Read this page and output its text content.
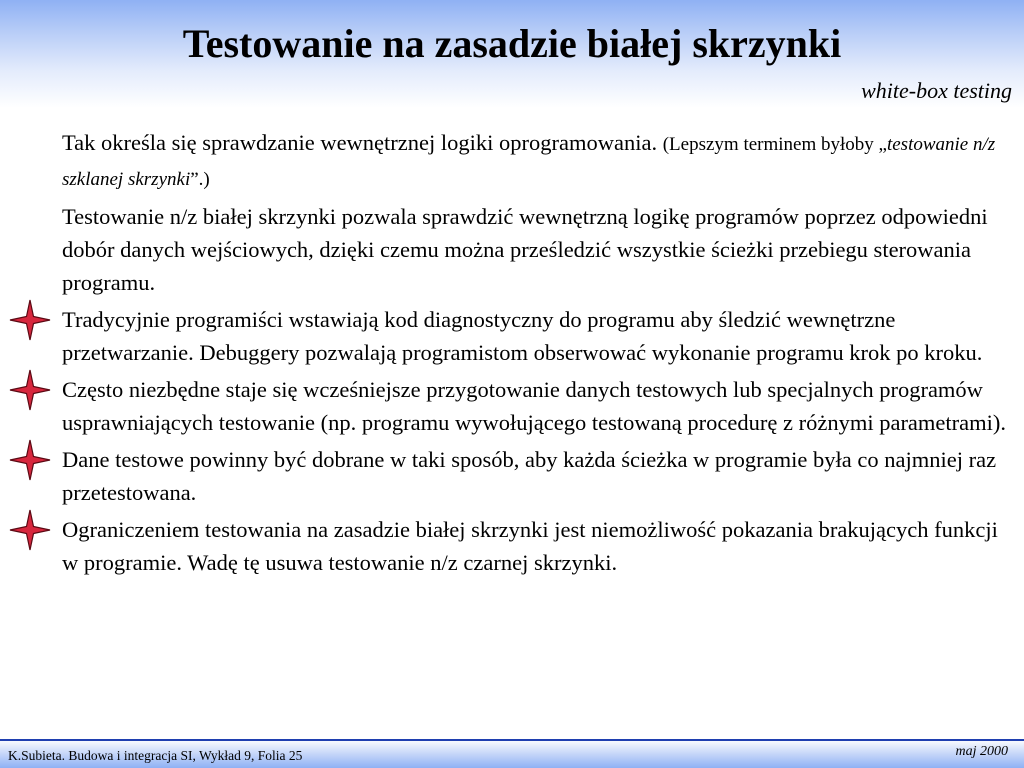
Testowanie na zasadzie białej skrzynki
white-box testing

Tak określa się sprawdzanie wewnętrznej logiki oprogramowania. (Lepszym terminem byłoby „testowanie n/z szklanej skrzynki”.)

Testowanie n/z białej skrzynki pozwala sprawdzić wewnętrzną logikę programów poprzez odpowiedni dobór danych wejściowych, dzięki czemu można prześledzić wszystkie ścieżki przebiegu sterowania programu.

Tradycyjnie programiści wstawiają kod diagnostyczny do programu aby śledzić wewnętrzne przetwarzanie. Debuggery pozwalają programistom obserwować wykonanie programu krok po kroku.

Często niezbędne staje się wcześniejsze przygotowanie danych testowych lub specjalnych programów usprawniających testowanie (np. programu wywołującego testowaną procedurę z różnymi parametrami).

Dane testowe powinny być dobrane w taki sposób, aby każda ścieżka w programie była co najmniej raz przetestowana.

Ograniczeniem testowania na zasadzie białej skrzynki jest niemożliwość pokazania brakujących funkcji w programie. Wadę tę usuwa testowanie n/z czarnej skrzynki.

K.Subieta. Budowa i integracja SI, Wykład 9, Folia 25	maj 2000
